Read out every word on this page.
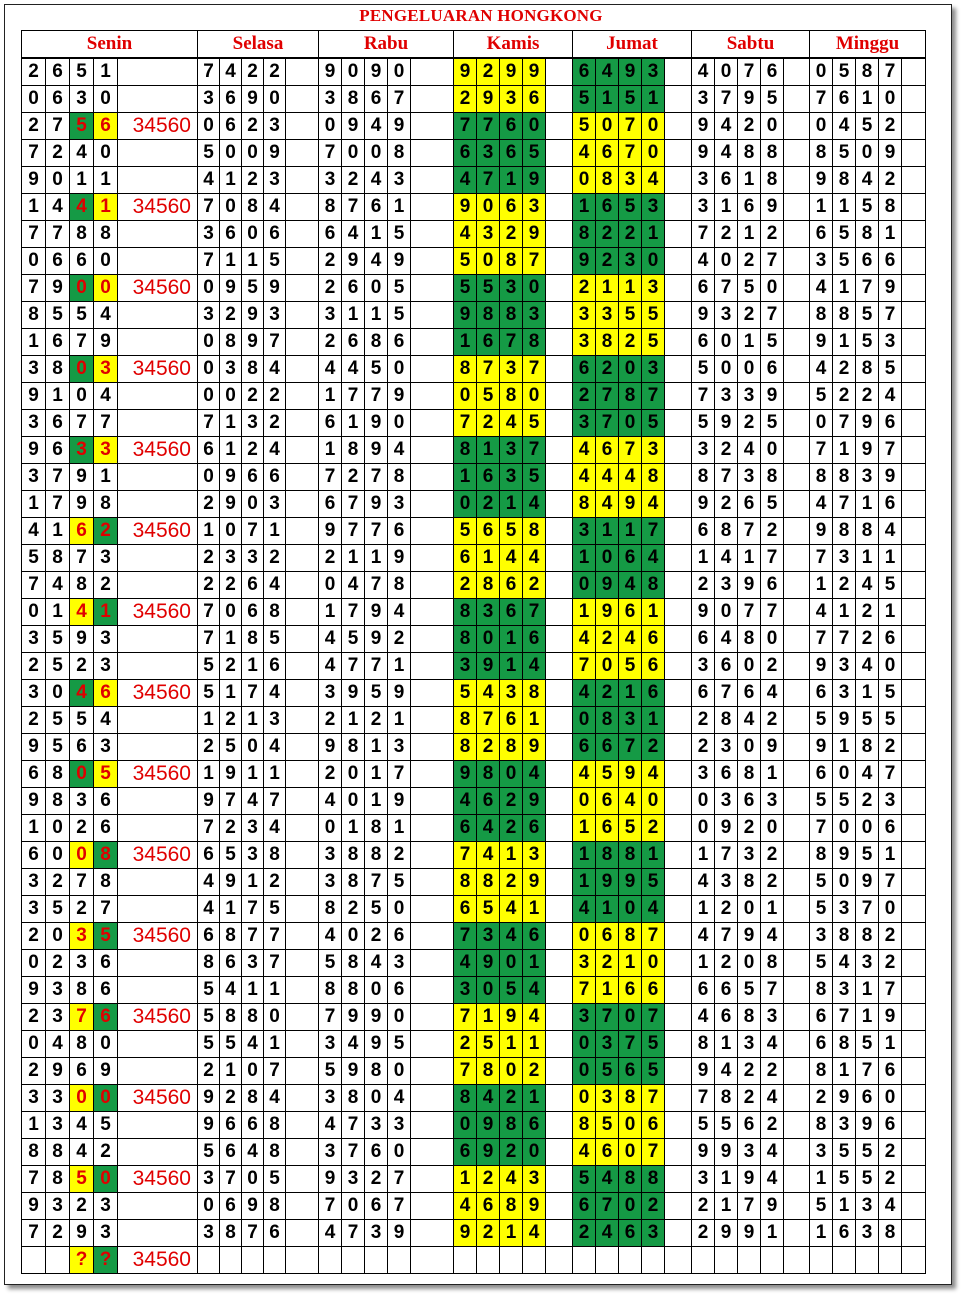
PENGELUARAN HONGKONG
Senin					Selasa					Rabu					Kamis					Jumat					Sabtu					Minggu				
2	6	5	1		7	4	2	2		9	0	9	0		9	2	9	9		6	4	9	3		4	0	7	6		0	5	8	7	
0	6	3	0		3	6	9	0		3	8	6	7		2	9	3	6		5	1	5	1		3	7	9	5		7	6	1	0	
2	7	5	6	34560	0	6	2	3		0	9	4	9		7	7	6	0		5	0	7	0		9	4	2	0		0	4	5	2	
7	2	4	0		5	0	0	9		7	0	0	8		6	3	6	5		4	6	7	0		9	4	8	8		8	5	0	9	
9	0	1	1		4	1	2	3		3	2	4	3		4	7	1	9		0	8	3	4		3	6	1	8		9	8	4	2	
1	4	4	1	34560	7	0	8	4		8	7	6	1		9	0	6	3		1	6	5	3		3	1	6	9		1	1	5	8	
7	7	8	8		3	6	0	6		6	4	1	5		4	3	2	9		8	2	2	1		7	2	1	2		6	5	8	1	
0	6	6	0		7	1	1	5		2	9	4	9		5	0	8	7		9	2	3	0		4	0	2	7		3	5	6	6	
7	9	0	0	34560	0	9	5	9		2	6	0	5		5	5	3	0		2	1	1	3		6	7	5	0		4	1	7	9	
8	5	5	4		3	2	9	3		3	1	1	5		9	8	8	3		3	3	5	5		9	3	2	7		8	8	5	7	
1	6	7	9		0	8	9	7		2	6	8	6		1	6	7	8		3	8	2	5		6	0	1	5		9	1	5	3	
3	8	0	3	34560	0	3	8	4		4	4	5	0		8	7	3	7		6	2	0	3		5	0	0	6		4	2	8	5	
9	1	0	4		0	0	2	2		1	7	7	9		0	5	8	0		2	7	8	7		7	3	3	9		5	2	2	4	
3	6	7	7		7	1	3	2		6	1	9	0		7	2	4	5		3	7	0	5		5	9	2	5		0	7	9	6	
9	6	3	3	34560	6	1	2	4		1	8	9	4		8	1	3	7		4	6	7	3		3	2	4	0		7	1	9	7	
3	7	9	1		0	9	6	6		7	2	7	8		1	6	3	5		4	4	4	8		8	7	3	8		8	8	3	9	
1	7	9	8		2	9	0	3		6	7	9	3		0	2	1	4		8	4	9	4		9	2	6	5		4	7	1	6	
4	1	6	2	34560	1	0	7	1		9	7	7	6		5	6	5	8		3	1	1	7		6	8	7	2		9	8	8	4	
5	8	7	3		2	3	3	2		2	1	1	9		6	1	4	4		1	0	6	4		1	4	1	7		7	3	1	1	
7	4	8	2		2	2	6	4		0	4	7	8		2	8	6	2		0	9	4	8		2	3	9	6		1	2	4	5	
0	1	4	1	34560	7	0	6	8		1	7	9	4		8	3	6	7		1	9	6	1		9	0	7	7		4	1	2	1	
3	5	9	3		7	1	8	5		4	5	9	2		8	0	1	6		4	2	4	6		6	4	8	0		7	7	2	6	
2	5	2	3		5	2	1	6		4	7	7	1		3	9	1	4		7	0	5	6		3	6	0	2		9	3	4	0	
3	0	4	6	34560	5	1	7	4		3	9	5	9		5	4	3	8		4	2	1	6		6	7	6	4		6	3	1	5	
2	5	5	4		1	2	1	3		2	1	2	1		8	7	6	1		0	8	3	1		2	8	4	2		5	9	5	5	
9	5	6	3		2	5	0	4		9	8	1	3		8	2	8	9		6	6	7	2		2	3	0	9		9	1	8	2	
6	8	0	5	34560	1	9	1	1		2	0	1	7		9	8	0	4		4	5	9	4		3	6	8	1		6	0	4	7	
9	8	3	6		9	7	4	7		4	0	1	9		4	6	2	9		0	6	4	0		0	3	6	3		5	5	2	3	
1	0	2	6		7	2	3	4		0	1	8	1		6	4	2	6		1	6	5	2		0	9	2	0		7	0	0	6	
6	0	0	8	34560	6	5	3	8		3	8	8	2		7	4	1	3		1	8	8	1		1	7	3	2		8	9	5	1	
3	2	7	8		4	9	1	2		3	8	7	5		8	8	2	9		1	9	9	5		4	3	8	2		5	0	9	7	
3	5	2	7		4	1	7	5		8	2	5	0		6	5	4	1		4	1	0	4		1	2	0	1		5	3	7	0	
2	0	3	5	34560	6	8	7	7		4	0	2	6		7	3	4	6		0	6	8	7		4	7	9	4		3	8	8	2	
0	2	3	6		8	6	3	7		5	8	4	3		4	9	0	1		3	2	1	0		1	2	0	8		5	4	3	2	
9	3	8	6		5	4	1	1		8	8	0	6		3	0	5	4		7	1	6	6		6	6	5	7		8	3	1	7	
2	3	7	6	34560	5	8	8	0		7	9	9	0		7	1	9	4		3	7	0	7		4	6	8	3		6	7	1	9	
0	4	8	0		5	5	4	1		3	4	9	5		2	5	1	1		0	3	7	5		8	1	3	4		6	8	5	1	
2	9	6	9		2	1	0	7		5	9	8	0		7	8	0	2		0	5	6	5		9	4	2	2		8	1	7	6	
3	3	0	0	34560	9	2	8	4		3	8	0	4		8	4	2	1		0	3	8	7		7	8	2	4		2	9	6	0	
1	3	4	5		9	6	6	8		4	7	3	3		0	9	8	6		8	5	0	6		5	5	6	2		8	3	9	6	
8	8	4	2		5	6	4	8		3	7	6	0		6	9	2	0		4	6	0	7		9	9	3	4		3	5	5	2	
7	8	5	0	34560	3	7	0	5		9	3	2	7		1	2	4	3		5	4	8	8		3	1	9	4		1	5	5	2	
9	3	2	3		0	6	9	8		7	0	6	7		4	6	8	9		6	7	0	2		2	1	7	9		5	1	3	4	
7	2	9	3		3	8	7	6		4	7	3	9		9	2	1	4		2	4	6	3		2	9	9	1		1	6	3	8	
		?	?	34560																														
